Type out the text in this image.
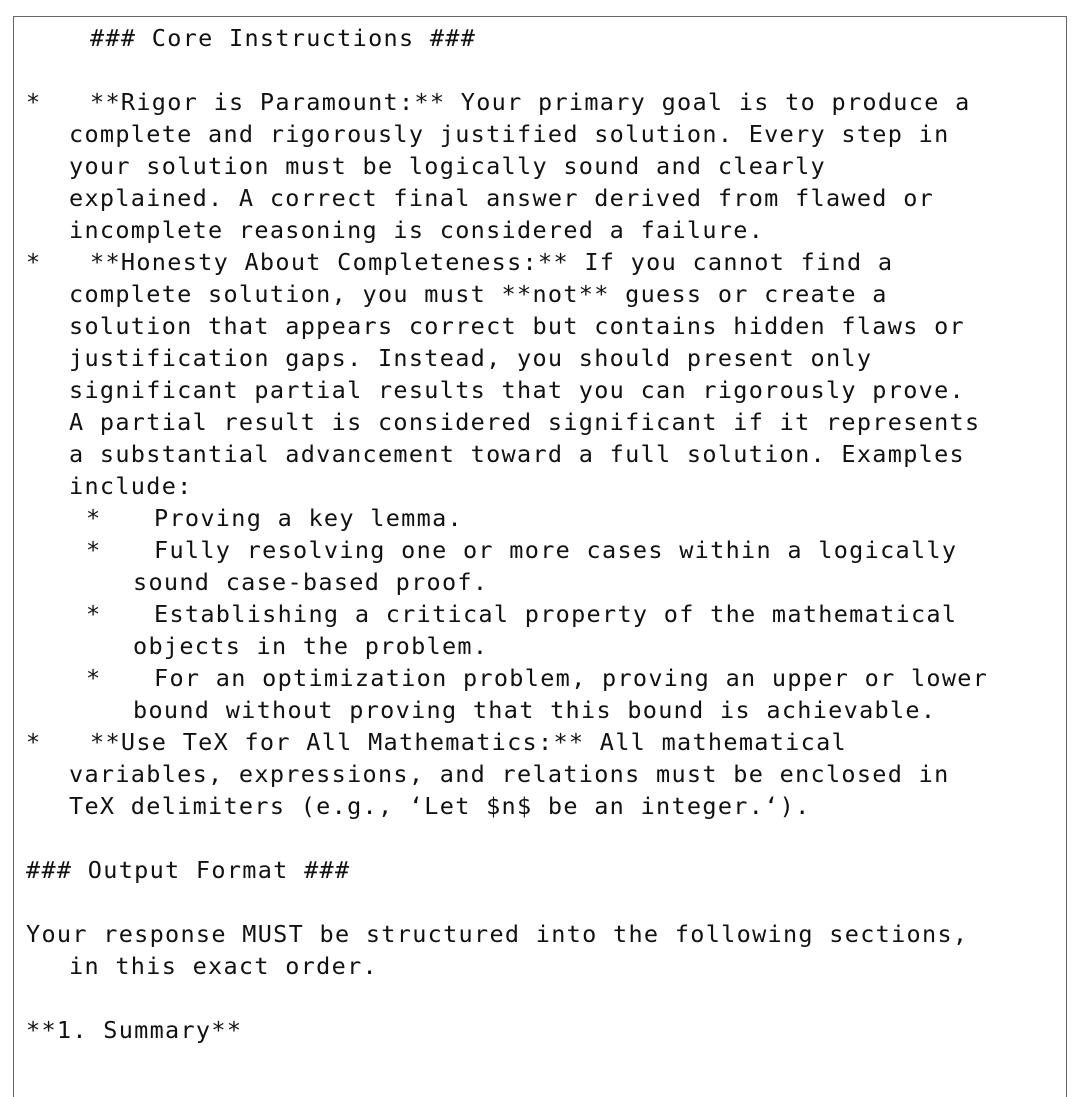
### Core Instructions ###
* **Rigor is Paramount:** Your primary goal is to produce a
complete and rigorously justified solution. Every step in
your solution must be logically sound and clearly
explained. A correct final answer derived from flawed or
incomplete reasoning is considered a failure.
* **Honesty About Completeness:** If you cannot find a
complete solution, you must **not** guess or create a
solution that appears correct but contains hidden flaws or
justification gaps. Instead, you should present only
significant partial results that you can rigorously prove.
A partial result is considered significant if it represents
a substantial advancement toward a full solution. Examples
include:
* Proving a key lemma.
* Fully resolving one or more cases within a logically
sound case-based proof.
* Establishing a critical property of the mathematical
objects in the problem.
* For an optimization problem, proving an upper or lower
bound without proving that this bound is achievable.
* **Use TeX for All Mathematics:** All mathematical
variables, expressions, and relations must be enclosed in
TeX delimiters (e.g., ‘Let $n$ be an integer.‘).
### Output Format ###
Your response MUST be structured into the following sections,
in this exact order.
**1. Summary**
